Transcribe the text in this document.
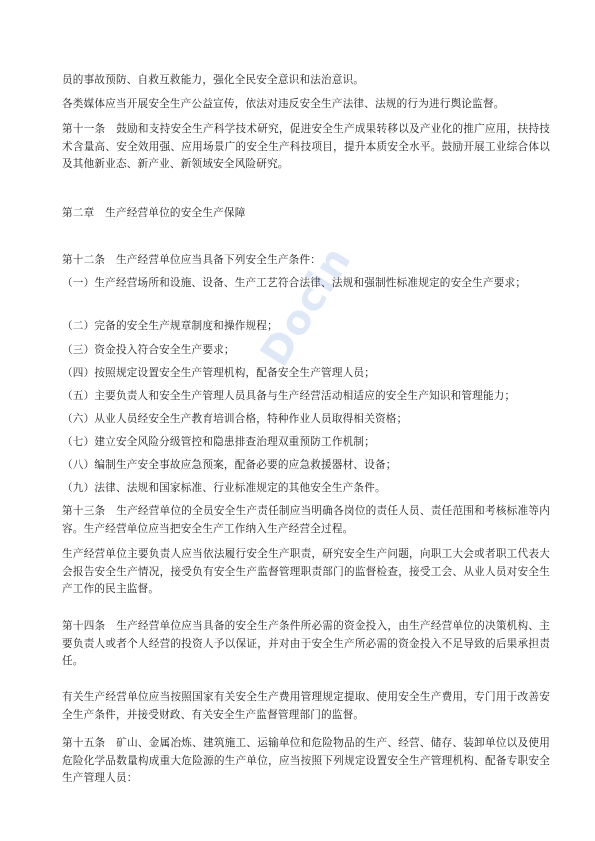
员的事故预防、自救互救能力，强化全民安全意识和法治意识。

各类媒体应当开展安全生产公益宣传，依法对违反安全生产法律、法规的行为进行舆论监督。

第十一条　鼓励和支持安全生产科学技术研究，促进安全生产成果转移以及产业化的推广应用，扶持技术含量高、安全效用强、应用场景广的安全生产科技项目，提升本质安全水平。鼓励开展工业综合体以及其他新业态、新产业、新领域安全风险研究。

第二章　生产经营单位的安全生产保障

第十二条　生产经营单位应当具备下列安全生产条件：

（一）生产经营场所和设施、设备、生产工艺符合法律、法规和强制性标准规定的安全生产要求；

（二）完备的安全生产规章制度和操作规程；

（三）资金投入符合安全生产要求；

（四）按照规定设置安全生产管理机构，配备安全生产管理人员；

（五）主要负责人和安全生产管理人员具备与生产经营活动相适应的安全生产知识和管理能力；

（六）从业人员经安全生产教育培训合格，特种作业人员取得相关资格；

（七）建立安全风险分级管控和隐患排查治理双重预防工作机制；

（八）编制生产安全事故应急预案，配备必要的应急救援器材、设备；

（九）法律、法规和国家标准、行业标准规定的其他安全生产条件。

第十三条　生产经营单位的全员安全生产责任制应当明确各岗位的责任人员、责任范围和考核标准等内容。生产经营单位应当把安全生产工作纳入生产经营全过程。

生产经营单位主要负责人应当依法履行安全生产职责，研究安全生产问题，向职工大会或者职工代表大会报告安全生产情况，接受负有安全生产监督管理职责部门的监督检查，接受工会、从业人员对安全生产工作的民主监督。

第十四条　生产经营单位应当具备的安全生产条件所必需的资金投入，由生产经营单位的决策机构、主要负责人或者个人经营的投资人予以保证，并对由于安全生产所必需的资金投入不足导致的后果承担责任。

有关生产经营单位应当按照国家有关安全生产费用管理规定提取、使用安全生产费用，专门用于改善安全生产条件，并接受财政、有关安全生产监督管理部门的监督。

第十五条　矿山、金属冶炼、建筑施工、运输单位和危险物品的生产、经营、储存、装卸单位以及使用危险化学品数量构成重大危险源的生产单位，应当按照下列规定设置安全生产管理机构、配备专职安全生产管理人员：

Docin
